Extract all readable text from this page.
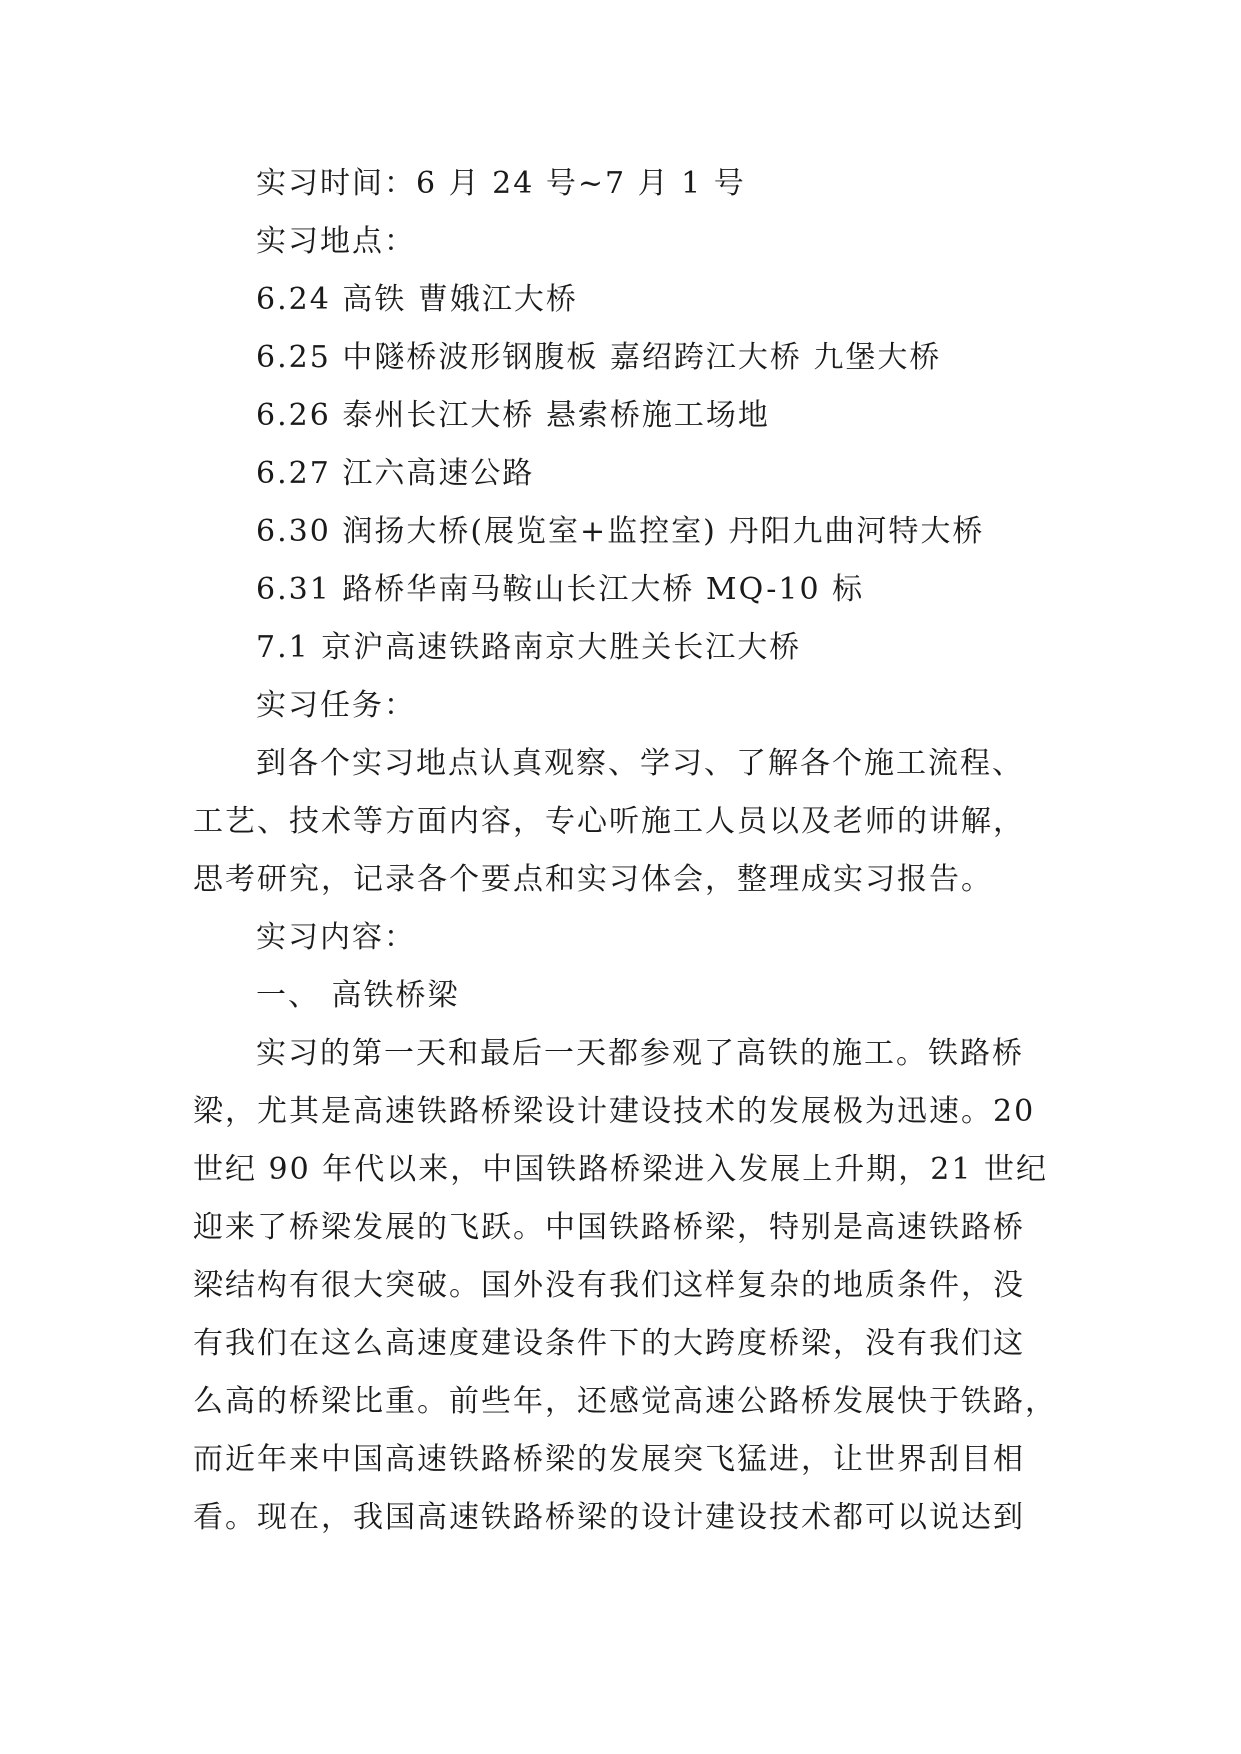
实习时间：6 月 24 号~7 月 1 号
实习地点：
6.24 高铁 曹娥江大桥
6.25 中隧桥波形钢腹板 嘉绍跨江大桥 九堡大桥
6.26 泰州长江大桥 悬索桥施工场地
6.27 江六高速公路
6.30 润扬大桥(展览室+监控室) 丹阳九曲河特大桥
6.31 路桥华南马鞍山长江大桥 MQ-10 标
7.1 京沪高速铁路南京大胜关长江大桥
实习任务：
到各个实习地点认真观察、学习、了解各个施工流程、
工艺、技术等方面内容，专心听施工人员以及老师的讲解，
思考研究，记录各个要点和实习体会，整理成实习报告。
实习内容：
一、 高铁桥梁
实习的第一天和最后一天都参观了高铁的施工。铁路桥
梁，尤其是高速铁路桥梁设计建设技术的发展极为迅速。20
世纪 90 年代以来，中国铁路桥梁进入发展上升期，21 世纪
迎来了桥梁发展的飞跃。中国铁路桥梁，特别是高速铁路桥
梁结构有很大突破。国外没有我们这样复杂的地质条件，没
有我们在这么高速度建设条件下的大跨度桥梁，没有我们这
么高的桥梁比重。前些年，还感觉高速公路桥发展快于铁路，
而近年来中国高速铁路桥梁的发展突飞猛进，让世界刮目相
看。现在，我国高速铁路桥梁的设计建设技术都可以说达到
